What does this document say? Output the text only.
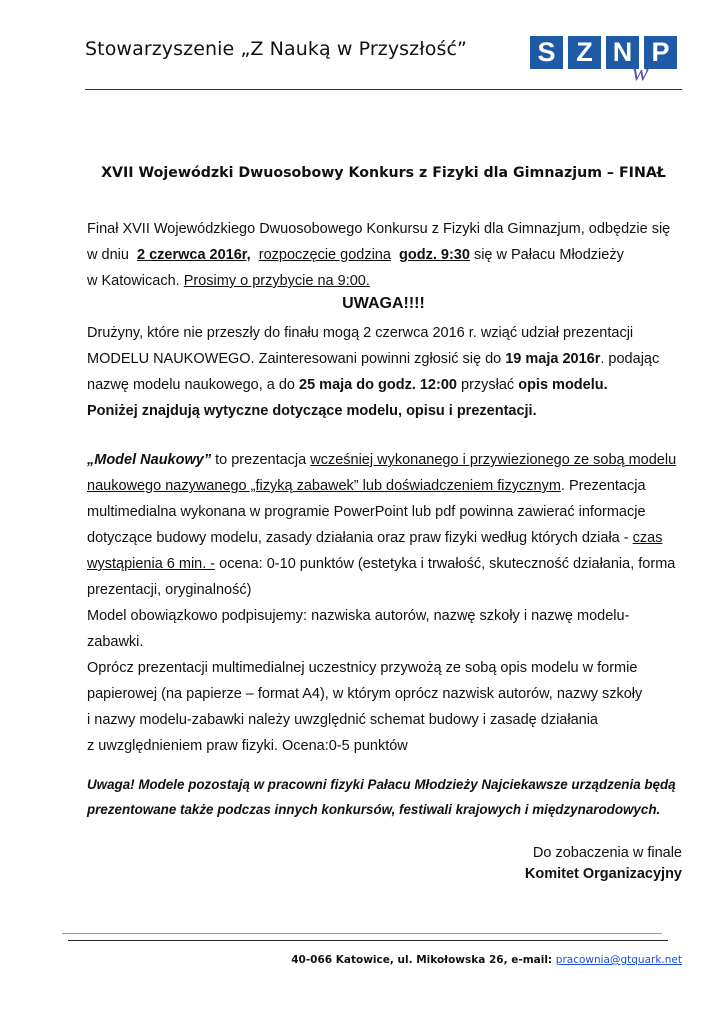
Stowarzyszenie „Z Nauką w Przyszłość”	S Z N P
w
XVII Wojewódzki Dwuosobowy Konkurs z Fizyki dla Gimnazjum – FINAŁ
Finał XVII Wojewódzkiego Dwuosobowego Konkursu z Fizyki dla Gimnazjum, odbędzie się
w dniu 2 czerwca 2016r, rozpoczęcie godzina godz. 9:30 się w Pałacu Młodzieży
w Katowicach. Prosimy o przybycie na 9:00.
UWAGA!!!!
Drużyny, które nie przeszły do finału mogą 2 czerwca 2016 r. wziąć udział prezentacji
MODELU NAUKOWEGO. Zainteresowani powinni zgłosić się do 19 maja 2016r. podając
nazwę modelu naukowego, a do 25 maja do godz. 12:00 przysłać opis modelu.
Poniżej znajdują wytyczne dotyczące modelu, opisu i prezentacji.
„Model Naukowy” to prezentacja wcześniej wykonanego i przywiezionego ze sobą modelu
naukowego nazywanego „fizyką zabawek” lub doświadczeniem fizycznym. Prezentacja
multimedialna wykonana w programie PowerPoint lub pdf powinna zawierać informacje
dotyczące budowy modelu, zasady działania oraz praw fizyki według których działa - czas
wystąpienia 6 min. - ocena: 0-10 punktów (estetyka i trwałość, skuteczność działania, forma
prezentacji, oryginalność)
Model obowiązkowo podpisujemy: nazwiska autorów, nazwę szkoły i nazwę modelu-
zabawki.
Oprócz prezentacji multimedialnej uczestnicy przywożą ze sobą opis modelu w formie
papierowej (na papierze – format A4), w którym oprócz nazwisk autorów, nazwy szkoły
i nazwy modelu-zabawki należy uwzględnić schemat budowy i zasadę działania
z uwzględnieniem praw fizyki. Ocena:0-5 punktów
Uwaga! Modele pozostają w pracowni fizyki Pałacu Młodzieży Najciekawsze urządzenia będą
prezentowane także podczas innych konkursów, festiwali krajowych i międzynarodowych.
Do zobaczenia w finale
Komitet Organizacyjny
40-066 Katowice, ul. Mikołowska 26, e-mail: pracownia@gtquark.net
